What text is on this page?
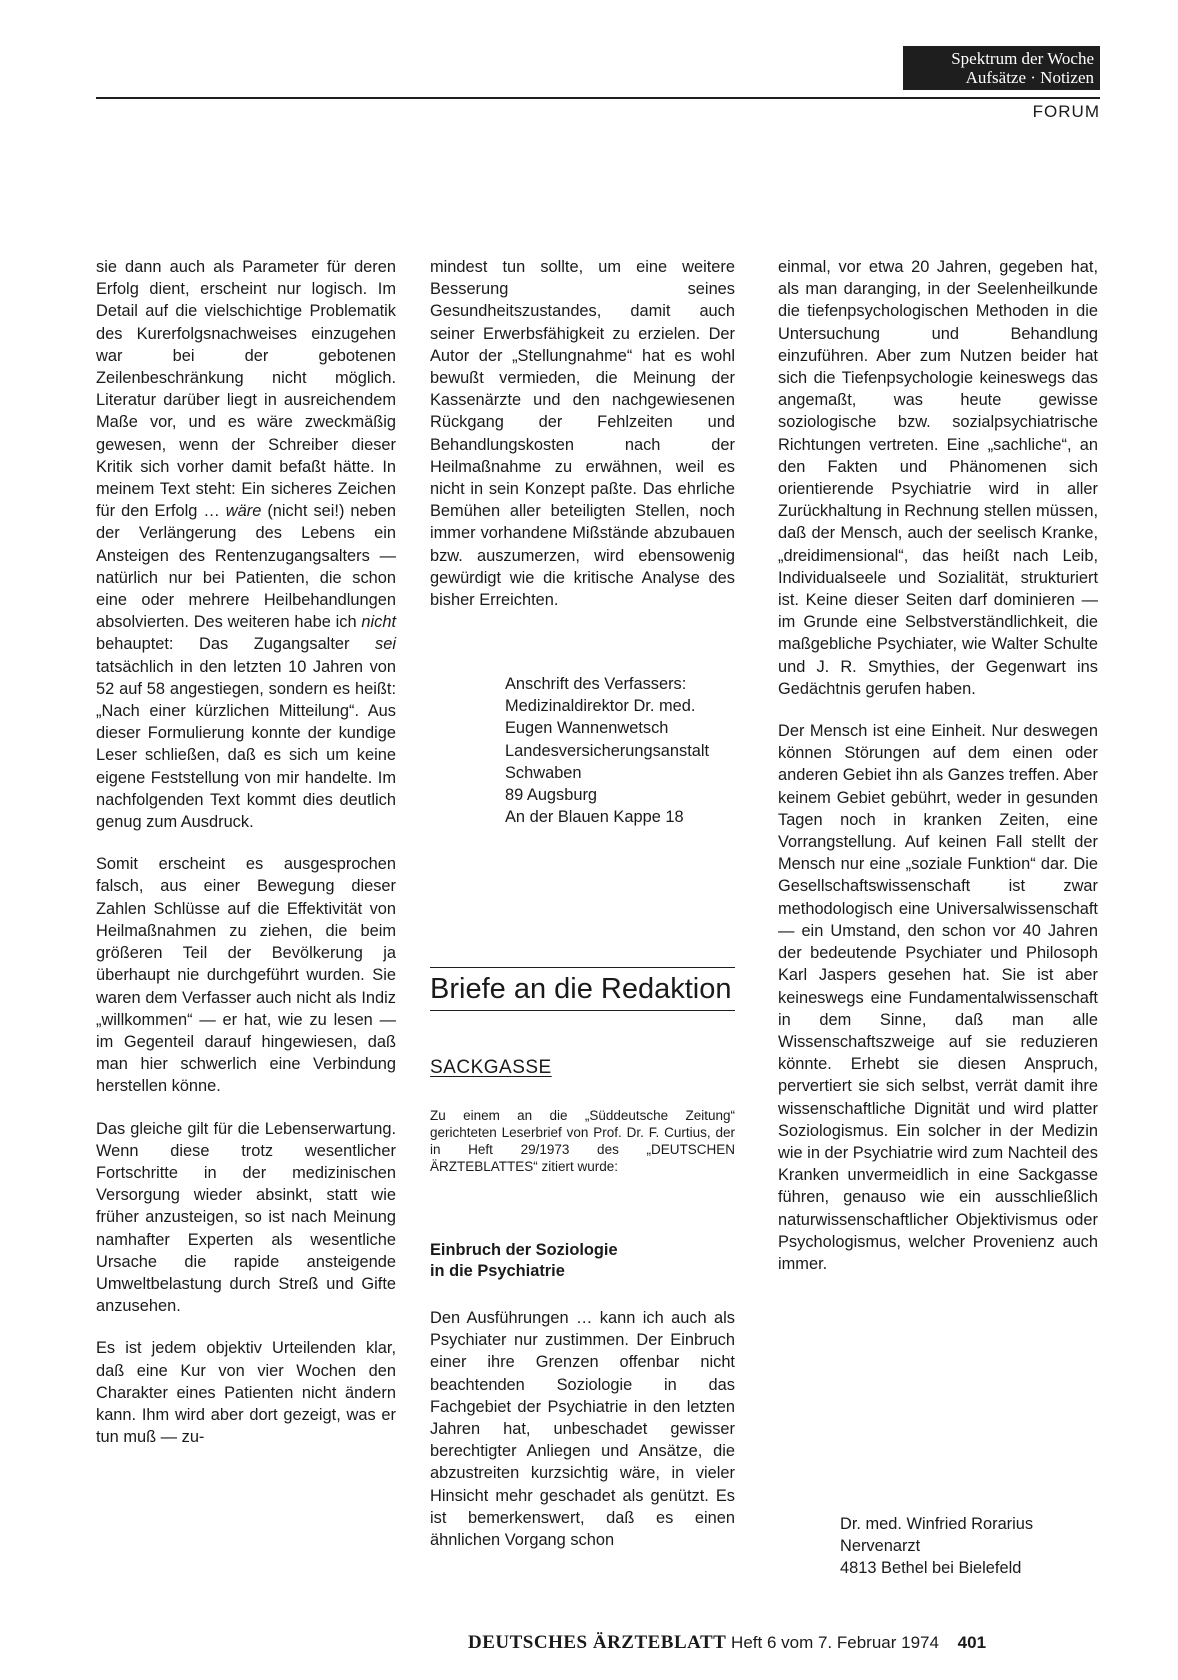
Spektrum der Woche
Aufsätze · Notizen
FORUM

sie dann auch als Parameter für deren Erfolg dient, erscheint nur logisch. Im Detail auf die vielschichtige Problematik des Kurerfolgsnachweises einzugehen war bei der gebotenen Zeilenbeschränkung nicht möglich. Literatur darüber liegt in ausreichendem Maße vor, und es wäre zweckmäßig gewesen, wenn der Schreiber dieser Kritik sich vorher damit befaßt hätte. In meinem Text steht: Ein sicheres Zeichen für den Erfolg … wäre (nicht sei!) neben der Verlängerung des Lebens ein Ansteigen des Rentenzugangsalters — natürlich nur bei Patienten, die schon eine oder mehrere Heilbehandlungen absolvierten. Des weiteren habe ich nicht behauptet: Das Zugangsalter sei tatsächlich in den letzten 10 Jahren von 52 auf 58 angestiegen, sondern es heißt: „Nach einer kürzlichen Mitteilung“. Aus dieser Formulierung konnte der kundige Leser schließen, daß es sich um keine eigene Feststellung von mir handelte. Im nachfolgenden Text kommt dies deutlich genug zum Ausdruck.

Somit erscheint es ausgesprochen falsch, aus einer Bewegung dieser Zahlen Schlüsse auf die Effektivität von Heilmaßnahmen zu ziehen, die beim größeren Teil der Bevölkerung ja überhaupt nie durchgeführt wurden. Sie waren dem Verfasser auch nicht als Indiz „willkommen“ — er hat, wie zu lesen — im Gegenteil darauf hingewiesen, daß man hier schwerlich eine Verbindung herstellen könne.

Das gleiche gilt für die Lebenserwartung. Wenn diese trotz wesentlicher Fortschritte in der medizinischen Versorgung wieder absinkt, statt wie früher anzusteigen, so ist nach Meinung namhafter Experten als wesentliche Ursache die rapide ansteigende Umweltbelastung durch Streß und Gifte anzusehen.

Es ist jedem objektiv Urteilenden klar, daß eine Kur von vier Wochen den Charakter eines Patienten nicht ändern kann. Ihm wird aber dort gezeigt, was er tun muß — zu-

mindest tun sollte, um eine weitere Besserung seines Gesundheitszustandes, damit auch seiner Erwerbsfähigkeit zu erzielen. Der Autor der „Stellungnahme“ hat es wohl bewußt vermieden, die Meinung der Kassenärzte und den nachgewiesenen Rückgang der Fehlzeiten und Behandlungskosten nach der Heilmaßnahme zu erwähnen, weil es nicht in sein Konzept paßte. Das ehrliche Bemühen aller beteiligten Stellen, noch immer vorhandene Mißstände abzubauen bzw. auszumerzen, wird ebensowenig gewürdigt wie die kritische Analyse des bisher Erreichten.

Anschrift des Verfassers:
Medizinaldirektor Dr. med.
Eugen Wannenwetsch
Landesversicherungsanstalt
Schwaben
89 Augsburg
An der Blauen Kappe 18
Briefe an die Redaktion
SACKGASSE
Zu einem an die „Süddeutsche Zeitung“ gerichteten Leserbrief von Prof. Dr. F. Curtius, der in Heft 29/1973 des „DEUTSCHEN ÄRZTEBLATTES“ zitiert wurde:
Einbruch der Soziologie
in die Psychiatrie
Den Ausführungen … kann ich auch als Psychiater nur zustimmen. Der Einbruch einer ihre Grenzen offenbar nicht beachtenden Soziologie in das Fachgebiet der Psychiatrie in den letzten Jahren hat, unbeschadet gewisser berechtigter Anliegen und Ansätze, die abzustreiten kurzsichtig wäre, in vieler Hinsicht mehr geschadet als genützt. Es ist bemerkenswert, daß es einen ähnlichen Vorgang schon

einmal, vor etwa 20 Jahren, gegeben hat, als man daranging, in der Seelenheilkunde die tiefenpsychologischen Methoden in die Untersuchung und Behandlung einzuführen. Aber zum Nutzen beider hat sich die Tiefenpsychologie keineswegs das angemaßt, was heute gewisse soziologische bzw. sozialpsychiatrische Richtungen vertreten. Eine „sachliche“, an den Fakten und Phänomenen sich orientierende Psychiatrie wird in aller Zurückhaltung in Rechnung stellen müssen, daß der Mensch, auch der seelisch Kranke, „dreidimensional“, das heißt nach Leib, Individualseele und Sozialität, strukturiert ist. Keine dieser Seiten darf dominieren — im Grunde eine Selbstverständlichkeit, die maßgebliche Psychiater, wie Walter Schulte und J. R. Smythies, der Gegenwart ins Gedächtnis gerufen haben.

Der Mensch ist eine Einheit. Nur deswegen können Störungen auf dem einen oder anderen Gebiet ihn als Ganzes treffen. Aber keinem Gebiet gebührt, weder in gesunden Tagen noch in kranken Zeiten, eine Vorrangstellung. Auf keinen Fall stellt der Mensch nur eine „soziale Funktion“ dar. Die Gesellschaftswissenschaft ist zwar methodologisch eine Universalwissenschaft — ein Umstand, den schon vor 40 Jahren der bedeutende Psychiater und Philosoph Karl Jaspers gesehen hat. Sie ist aber keineswegs eine Fundamentalwissenschaft in dem Sinne, daß man alle Wissenschaftszweige auf sie reduzieren könnte. Erhebt sie diesen Anspruch, pervertiert sie sich selbst, verrät damit ihre wissenschaftliche Dignität und wird platter Soziologismus. Ein solcher in der Medizin wie in der Psychiatrie wird zum Nachteil des Kranken unvermeidlich in eine Sackgasse führen, genauso wie ein ausschließlich naturwissenschaftlicher Objektivismus oder Psychologismus, welcher Provenienz auch immer.

Dr. med. Winfried Rorarius
Nervenarzt
4813 Bethel bei Bielefeld
DEUTSCHES ÄRZTEBLATT Heft 6 vom 7. Februar 1974 401
